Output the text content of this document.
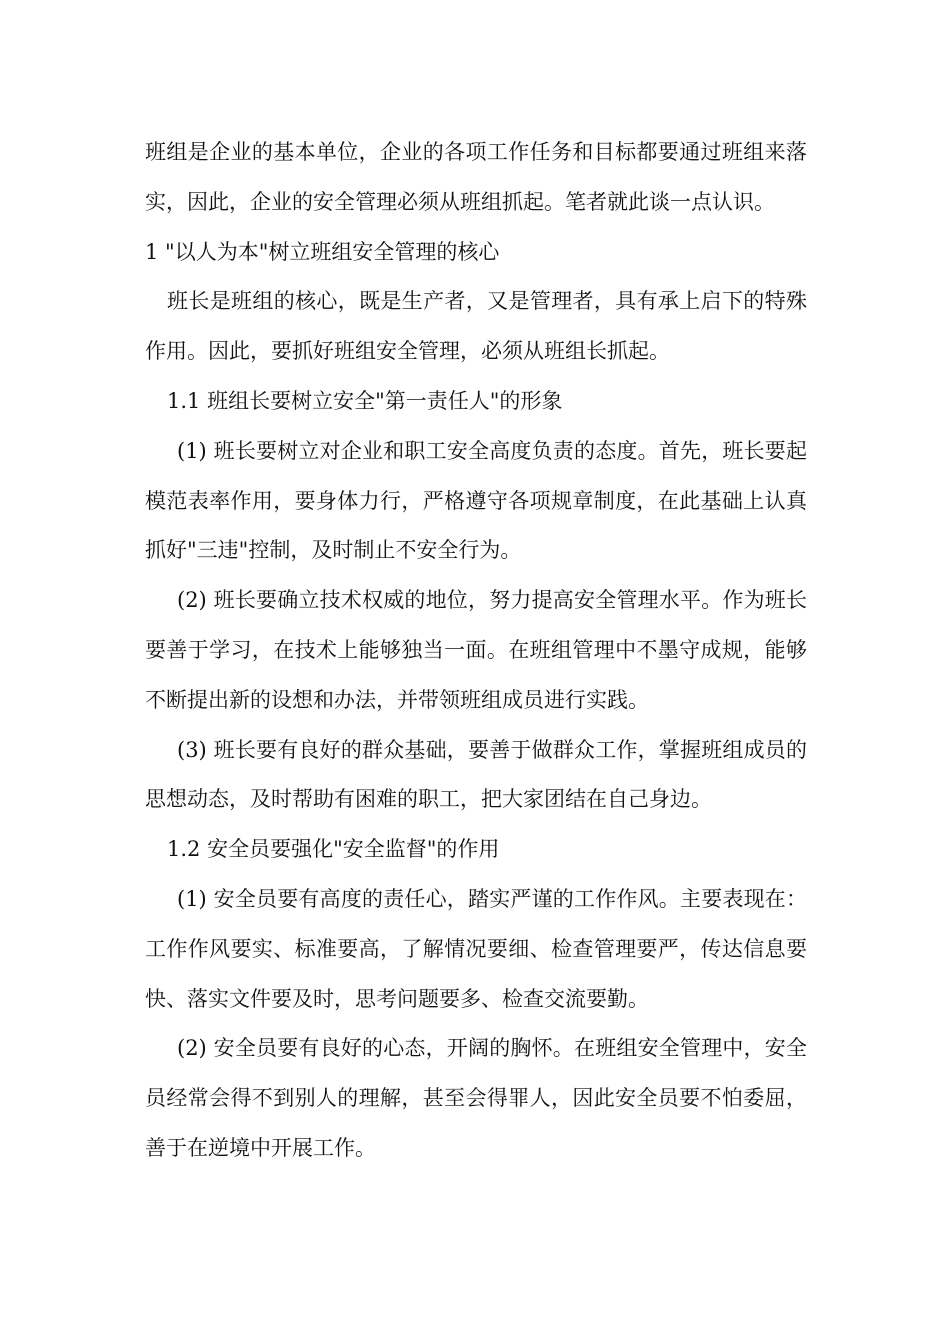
班组是企业的基本单位，企业的各项工作任务和目标都要通过班组来落实，因此，企业的安全管理必须从班组抓起。笔者就此谈一点认识。

1 "以人为本"树立班组安全管理的核心

班长是班组的核心，既是生产者，又是管理者，具有承上启下的特殊作用。因此，要抓好班组安全管理，必须从班组长抓起。

1.1 班组长要树立安全"第一责任人"的形象

(1) 班长要树立对企业和职工安全高度负责的态度。首先，班长要起模范表率作用，要身体力行，严格遵守各项规章制度，在此基础上认真抓好"三违"控制，及时制止不安全行为。

(2) 班长要确立技术权威的地位，努力提高安全管理水平。作为班长要善于学习，在技术上能够独当一面。在班组管理中不墨守成规，能够不断提出新的设想和办法，并带领班组成员进行实践。

(3) 班长要有良好的群众基础，要善于做群众工作，掌握班组成员的思想动态，及时帮助有困难的职工，把大家团结在自己身边。

1.2 安全员要强化"安全监督"的作用

(1) 安全员要有高度的责任心，踏实严谨的工作作风。主要表现在：工作作风要实、标准要高，了解情况要细、检查管理要严，传达信息要快、落实文件要及时，思考问题要多、检查交流要勤。

(2) 安全员要有良好的心态，开阔的胸怀。在班组安全管理中，安全员经常会得不到别人的理解，甚至会得罪人，因此安全员要不怕委屈，善于在逆境中开展工作。
